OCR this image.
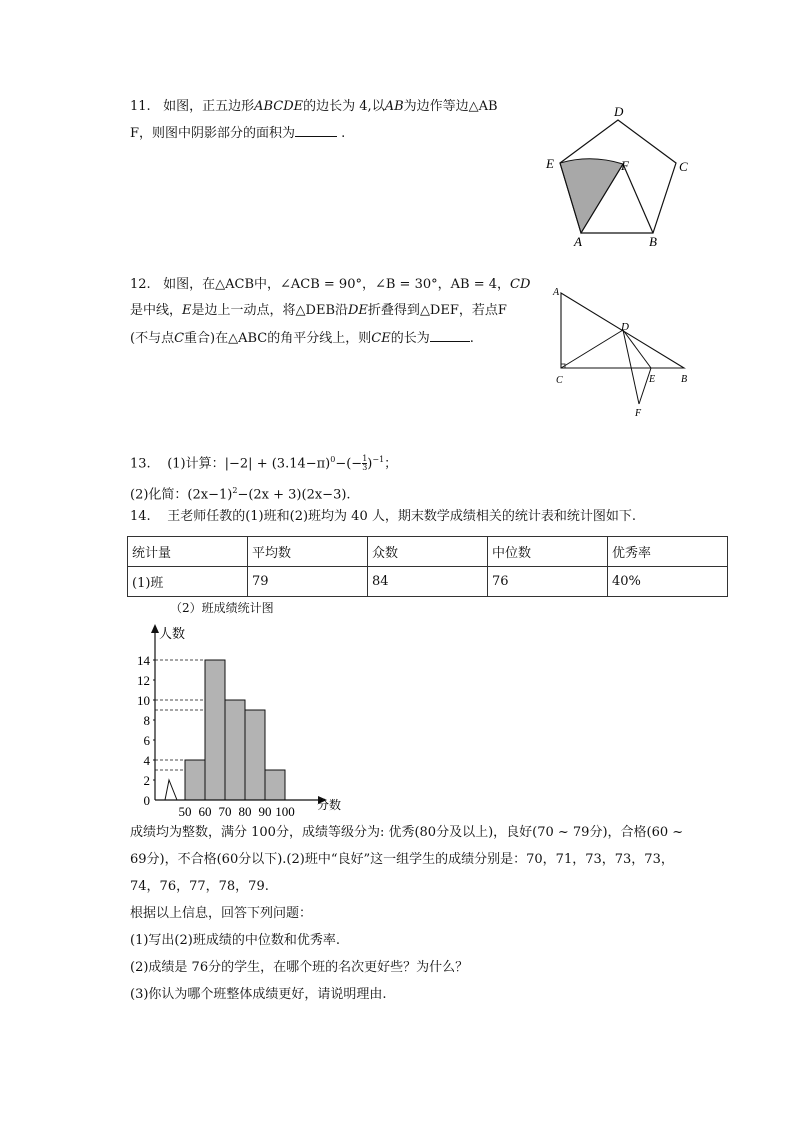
11. 如图，正五边形ABCDE的边长为 4,以AB为边作等边△AB
F，则图中阴影部分的面积为	.
A	B
C
D
E	F
12. 如图，在△ACB中，∠ACB = 90°，∠B = 30°，AB = 4，CD
是中线，E是边上一动点，将△DEB沿DE折叠得到△DEF，若点F
(不与点C重合)在△ABC的角平分线上，则CE的长为	.
A
D
C	E	B
F
13. (1)计算：$|-2| + (3.14-\pi)^0-(- \frac{1}{3} )^{-1}$；
(2)化简：$(2x-1)^2-(2x + 3)(2x-3)$.
14. 王老师任教的(1)班和(2)班均为 40 人，期末数学成绩相关的统计表和统计图如下.
统计量	平均数	众数	中位数	优秀率
(1)班	79	84	76	40%
（2）班成绩统计图
0
2
4
6
8
10
12
14
50 60 70 80 90 100
人数
分数
成绩均为整数，满分 100分，成绩等级分为: 优秀(80分及以上)，良好(70 ~ 79分)，合格(60 ~
69分)，不合格(60分以下).(2)班中“良好”这一组学生的成绩分别是：70，71，73，73，73，
74，76，77，78，79.
根据以上信息，回答下列问题：
(1)写出(2)班成绩的中位数和优秀率.
(2)成绩是 76分的学生，在哪个班的名次更好些？为什么？
(3)你认为哪个班整体成绩更好，请说明理由.
